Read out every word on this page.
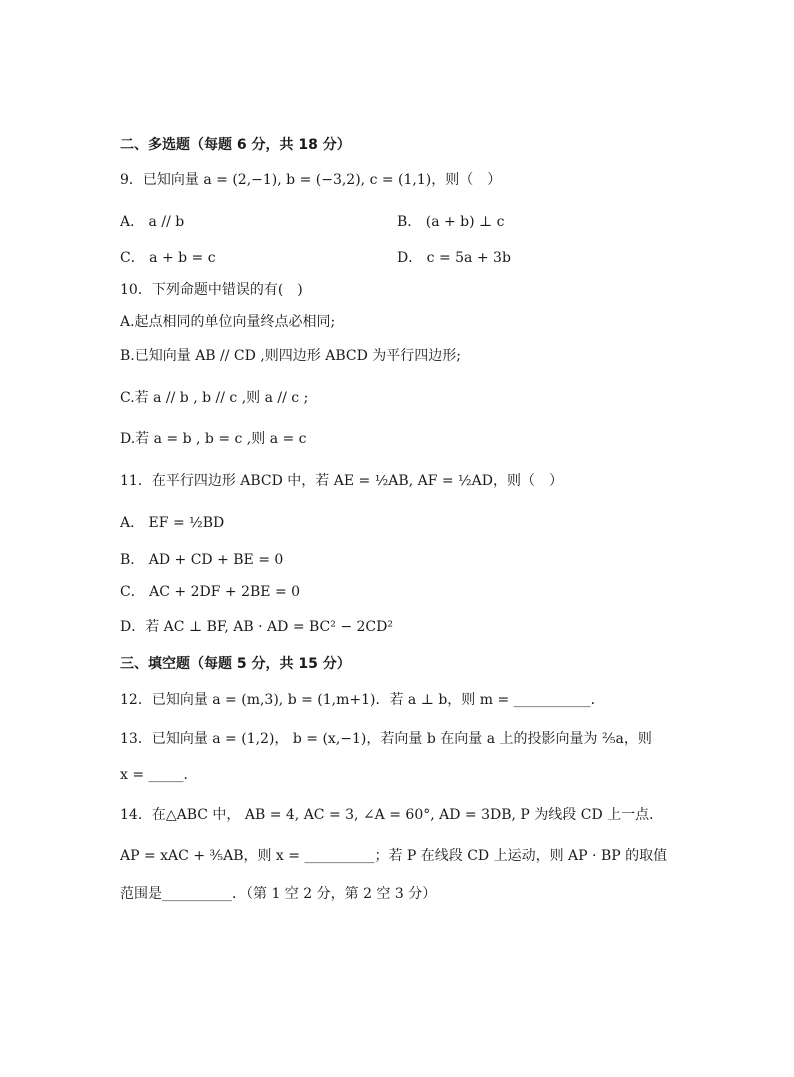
二、多选题（每题 6 分，共 18 分）
9．已知向量 a = (2,−1), b = (−3,2), c = (1,1)，则（　）
A． a // b	B． (a + b) ⊥ c
C． a + b = c	D． c = 5a + 3b
10．下列命题中错误的有(　)
A.起点相同的单位向量终点必相同;
B.已知向量 AB // CD ,则四边形 ABCD 为平行四边形;
C.若 a // b , b // c ,则 a // c ;
D.若 a = b , b = c ,则 a = c
11．在平行四边形 ABCD 中，若 AE = ½AB, AF = ½AD，则（　）
A． EF = ½BD
B． AD + CD + BE = 0
C． AC + 2DF + 2BE = 0
D．若 AC ⊥ BF, AB · AD = BC² − 2CD²
三、填空题（每题 5 分，共 15 分）
12．已知向量 a = (m,3), b = (1,m+1)．若 a ⊥ b，则 m = ___________．
13．已知向量 a = (1,2)， b = (x,−1)，若向量 b 在向量 a 上的投影向量为 ⅖a，则
x = _____．
14．在△ABC 中， AB = 4, AC = 3, ∠A = 60°, AD = 3DB, P 为线段 CD 上一点．
AP = xAC + ⅗AB，则 x = __________；若 P 在线段 CD 上运动，则 AP · BP 的取值
范围是__________．（第 1 空 2 分，第 2 空 3 分）
